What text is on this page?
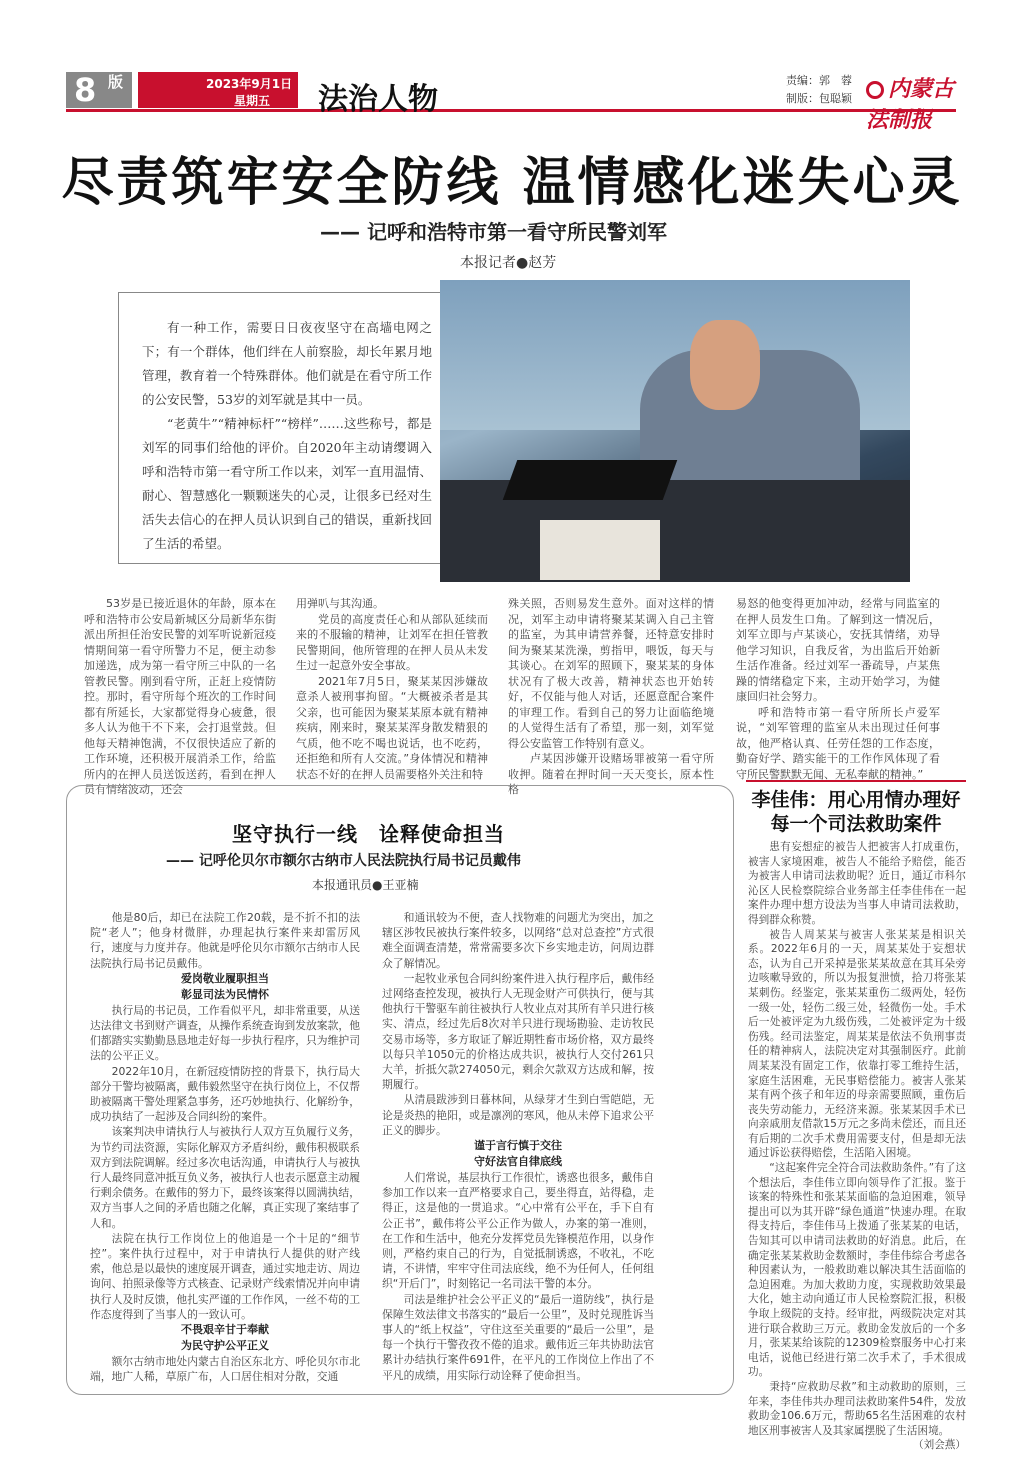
8 版	2023年9月1日
星期五	法治人物
责编：郭　蓉
制版：包聪颖	内蒙古法制报
尽责筑牢安全防线 温情感化迷失心灵
—— 记呼和浩特市第一看守所民警刘军
本报记者●赵芳

有一种工作，需要日日夜夜坚守在高墙电网之下；有一个群体，他们绊在人前察脸，却长年累月地管理，教育着一个特殊群体。他们就是在看守所工作的公安民警，53岁的刘军就是其中一员。

“老黄牛”“精神标杆”“榜样”……这些称号，都是刘军的同事们给他的评价。自2020年主动请缨调入呼和浩特市第一看守所工作以来，刘军一直用温情、耐心、智慧感化一颗颗迷失的心灵，让很多已经对生活失去信心的在押人员认识到自己的错误，重新找回了生活的希望。

53岁是已接近退休的年龄，原本在呼和浩特市公安局新城区分局新华东街派出所担任治安民警的刘军听说新冠疫情期间第一看守所警力不足，便主动参加递选，成为第一看守所三中队的一名管教民警。刚到看守所，正赶上疫情防控。那时，看守所每个班次的工作时间都有所延长，大家都觉得身心疲惫，很多人认为他干不下来，会打退堂鼓。但他每天精神饱满，不仅很快适应了新的工作环境，还积极开展消杀工作，给监所内的在押人员送饭送药，看到在押人员有情绪波动，还会

用弹叭与其沟通。

党员的高度责任心和从部队延续而来的不服输的精神，让刘军在担任管教民警期间，他所管理的在押人员从未发生过一起意外安全事故。

2021年7月5日，聚某某因涉嫌故意杀人被刑事拘留。“大概被杀者是其父亲，也可能因为聚某某原本就有精神疾病，刚来时，聚某某浑身散发精狠的气质，他不吃不喝也说话，也不吃药，还拒绝和所有人交流。”身体情况和精神状态不好的在押人员需要格外关注和特

殊关照，否则易发生意外。面对这样的情况，刘军主动申请将聚某某调入自己主管的监室，为其申请营养餐，还特意安排时间为聚某某洗澡，剪指甲，喂饭，每天与其谈心。在刘军的照顾下，聚某某的身体状况有了极大改善，精神状态也开始转好，不仅能与他人对话，还愿意配合案件的审理工作。看到自己的努力让面临绝境的人觉得生活有了希望，那一刻，刘军觉得公安监管工作特别有意义。

卢某因涉嫌开设赌场罪被第一看守所收押。随着在押时间一天天变长，原本性格

易怒的他变得更加冲动，经常与同监室的在押人员发生口角。了解到这一情况后，刘军立即与卢某谈心，安抚其情绪，劝导他学习知识，自我反省，为出监后开始新生活作准备。经过刘军一番疏导，卢某焦躁的情绪稳定下来，主动开始学习，为健康回归社会努力。

呼和浩特市第一看守所所长卢爱军说，“刘军管理的监室从未出现过任何事故，他严格认真、任劳任怨的工作态度，勤奋好学、踏实能干的工作作风体现了看守所民警默默无闻、无私奉献的精神。”

坚守执行一线　诠释使命担当
—— 记呼伦贝尔市额尔古纳市人民法院执行局书记员戴伟
本报通讯员●王亚楠

他是80后，却已在法院工作20载，是不折不扣的法院“老人”；他身材微胖，办理起执行案件来却雷厉风行，速度与力度并存。他就是呼伦贝尔市额尔古纳市人民法院执行局书记员戴伟。

爱岗敬业履职担当

彰显司法为民情怀

执行局的书记员，工作看似平凡，却非常重要，从送达法律文书到财产调查，从操作系统查询到发放案款，他们都踏实实勤勤恳恳地走好每一步执行程序，只为维护司法的公平正义。

2022年10月，在新冠疫情防控的背景下，执行局大部分干警均被隔离，戴伟毅然坚守在执行岗位上，不仅帮助被隔离干警处理紧急事务，还巧妙地执行、化解纷争，成功执结了一起涉及合同纠纷的案件。

该案判决申请执行人与被执行人双方互负履行义务，为节约司法资源，实际化解双方矛盾纠纷，戴伟积极联系双方到法院调解。经过多次电话沟通，申请执行人与被执行人最终同意冲抵互负义务，被执行人也表示愿意主动履行剩余债务。在戴伟的努力下，最终该案得以圆满执结，双方当事人之间的矛盾也随之化解，真正实现了案结事了人和。

法院在执行工作岗位上的他追是一个十足的“细节控”。案件执行过程中，对于申请执行人提供的财产线索，他总是以最快的速度展开调查，通过实地走访、周边询问、拍照录像等方式核查、记录财产线索情况并向申请执行人及时反馈，他扎实严谨的工作作风，一丝不苟的工作态度得到了当事人的一致认可。

不畏艰辛甘于奉献

为民守护公平正义

额尔古纳市地处内蒙古自治区东北方、呼伦贝尔市北端，地广人稀，草原广布，人口居住相对分散，交通

和通讯较为不便，查人找物难的问题尤为突出，加之辖区涉牧民被执行案件较多，以网络“总对总查控”方式很难全面调查清楚，常常需要多次下乡实地走访，问周边群众了解情况。

一起牧业承包合同纠纷案件进入执行程序后，戴伟经过网络查控发现，被执行人无现金财产可供执行，便与其他执行干警驱车前往被执行人牧业点对其所有羊只进行核实、清点，经过先后8次对羊只进行现场勘验、走访牧民交易市场等，多方取证了解近期牲畜市场价格，双方最终以每只羊1050元的价格达成共识，被执行人交付261只大羊，折抵欠款274050元，剩余欠款双方达成和解，按期履行。

从清晨跋涉到日暮林间，从绿芽才生到白雪皑皑，无论是炎热的艳阳，或是凛冽的寒风，他从未停下追求公平正义的脚步。

谨于言行慎于交往

守好法官自律底线

人们常说，基层执行工作很忙，诱惑也很多，戴伟自参加工作以来一直严格要求自己，要坐得直，站得稳，走得正，这是他的一贯追求。“心中常有公平在，手下自有公正书”，戴伟将公平公正作为做人，办案的第一准则，在工作和生活中，他充分发挥党员先锋模范作用，以身作则，严格约束自己的行为，自觉抵制诱惑，不收礼，不吃请，不讲情，牢牢守住司法底线，绝不为任何人，任何组织“开后门”，时刻铭记一名司法干警的本分。

司法是维护社会公平正义的“最后一道防线”，执行是保障生效法律文书落实的“最后一公里”，及时兑现胜诉当事人的“纸上权益”，守住这至关重要的“最后一公里”，是每一个执行干警孜孜不倦的追求。戴伟近三年共协助法官累计办结执行案件691件，在平凡的工作岗位上作出了不平凡的成绩，用实际行动诠释了使命担当。

李佳伟：用心用情办理好每一个司法救助案件

患有妄想症的被告人把被害人打成重伤，被害人家境困难，被告人不能给予赔偿，能否为被害人申请司法救助呢？近日，通辽市科尔沁区人民检察院综合业务部主任李佳伟在一起案件办理中想方设法为当事人申请司法救助，得到群众称赞。

被告人周某某与被害人张某某是相识关系。2022年6月的一天，周某某处于妄想状态，认为自己开采掉是张某某故意在其耳朵旁边咳嗽导致的，所以为报复泄愤，拾刀将张某某刺伤。经鉴定，张某某重伤二级两处，轻伤一级一处，轻伤二级三处，轻微伤一处。手术后一处被评定为九级伤残，二处被评定为十级伤残。经司法鉴定，周某某是依法不负刑事责任的精神病人，法院决定对其强制医疗。此前周某某没有固定工作，依靠打零工维持生活，家庭生活困难，无民事赔偿能力。被害人张某某有两个孩子和年迈的母亲需要照顾，重伤后丧失劳动能力，无经济来源。张某某因手术已向亲戚朋友借款15万元之多尚未偿还，而且还有后期的二次手术费用需要支付，但是却无法通过诉讼获得赔偿，生活陷入困境。

“这起案件完全符合司法救助条件。”有了这个想法后，李佳伟立即向领导作了汇报。鉴于该案的特殊性和张某某面临的急迫困难，领导提出可以为其开辟“绿色通道”快速办理。在取得支持后，李佳伟马上拨通了张某某的电话，告知其可以申请司法救助的好消息。此后，在确定张某某救助金数额时，李佳伟综合考虑各种因素认为，一般救助难以解决其生活面临的急迫困难。为加大救助力度，实现救助效果最大化，她主动向通辽市人民检察院汇报，积极争取上级院的支持。经审批，两级院决定对其进行联合救助三万元。救助金发放后的一个多月，张某某给该院的12309检察服务中心打来电话，说他已经进行第二次手术了，手术很成功。

秉持“应救助尽救”和主动救助的原则，三年来，李佳伟共办理司法救助案件54件，发放救助金106.6万元，帮助65名生活困难的农村地区刑事被害人及其家属摆脱了生活困境。

（刘会燕）
